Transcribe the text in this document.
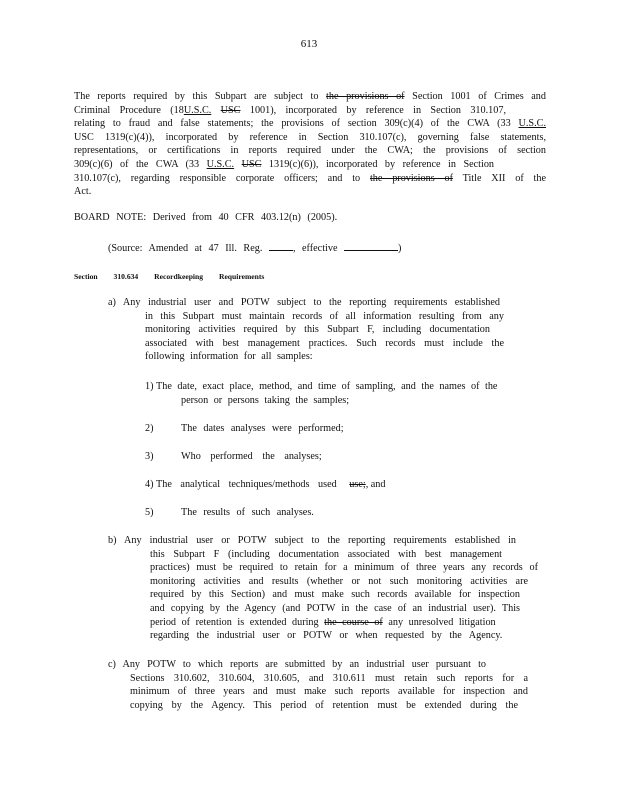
613
The reports required by this Subpart are subject to the provisions of Section 1001 of Crimes and
Criminal Procedure (18U.S.C. USC 1001), incorporated by reference in Section 310.107,
relating to fraud and false statements; the provisions of section 309(c)(4) of the CWA (33 U.S.C.
USC 1319(c)(4)), incorporated by reference in Section 310.107(c), governing false statements,
representations, or certifications in reports required under the CWA; the provisions of section
309(c)(6) of the CWA (33 U.S.C. USC 1319(c)(6)), incorporated by reference in Section
310.107(c), regarding responsible corporate officers; and to the provisions of Title XII of the
Act.
BOARD NOTE: Derived from 40 CFR 403.12(n) (2005).
(Source: Amended at 47 Ill. Reg.	, effective	)
Section 310.634 Recordkeeping Requirements
a) Any industrial user and POTW subject to the reporting requirements established
in this Subpart must maintain records of all information resulting from any
monitoring activities required by this Subpart F, including documentation
associated with best management practices. Such records must include the
following information for all samples:
1) The date, exact place, method, and time of sampling, and the names of the
person or persons taking the samples;
2)	The dates analyses were performed;
3)	Who performed the analyses;
4) The analytical techniques/methods used use;, and
5)	The results of such analyses.
b) Any industrial user or POTW subject to the reporting requirements established in
this Subpart F (including documentation associated with best management
practices) must be required to retain for a minimum of three years any records of
monitoring activities and results (whether or not such monitoring activities are
required by this Section) and must make such records available for inspection
and copying by the Agency (and POTW in the case of an industrial user). This
period of retention is extended during the course of any unresolved litigation
regarding the industrial user or POTW or when requested by the Agency.
c) Any POTW to which reports are submitted by an industrial user pursuant to
Sections 310.602, 310.604, 310.605, and 310.611 must retain such reports for a
minimum of three years and must make such reports available for inspection and
copying by the Agency. This period of retention must be extended during the
